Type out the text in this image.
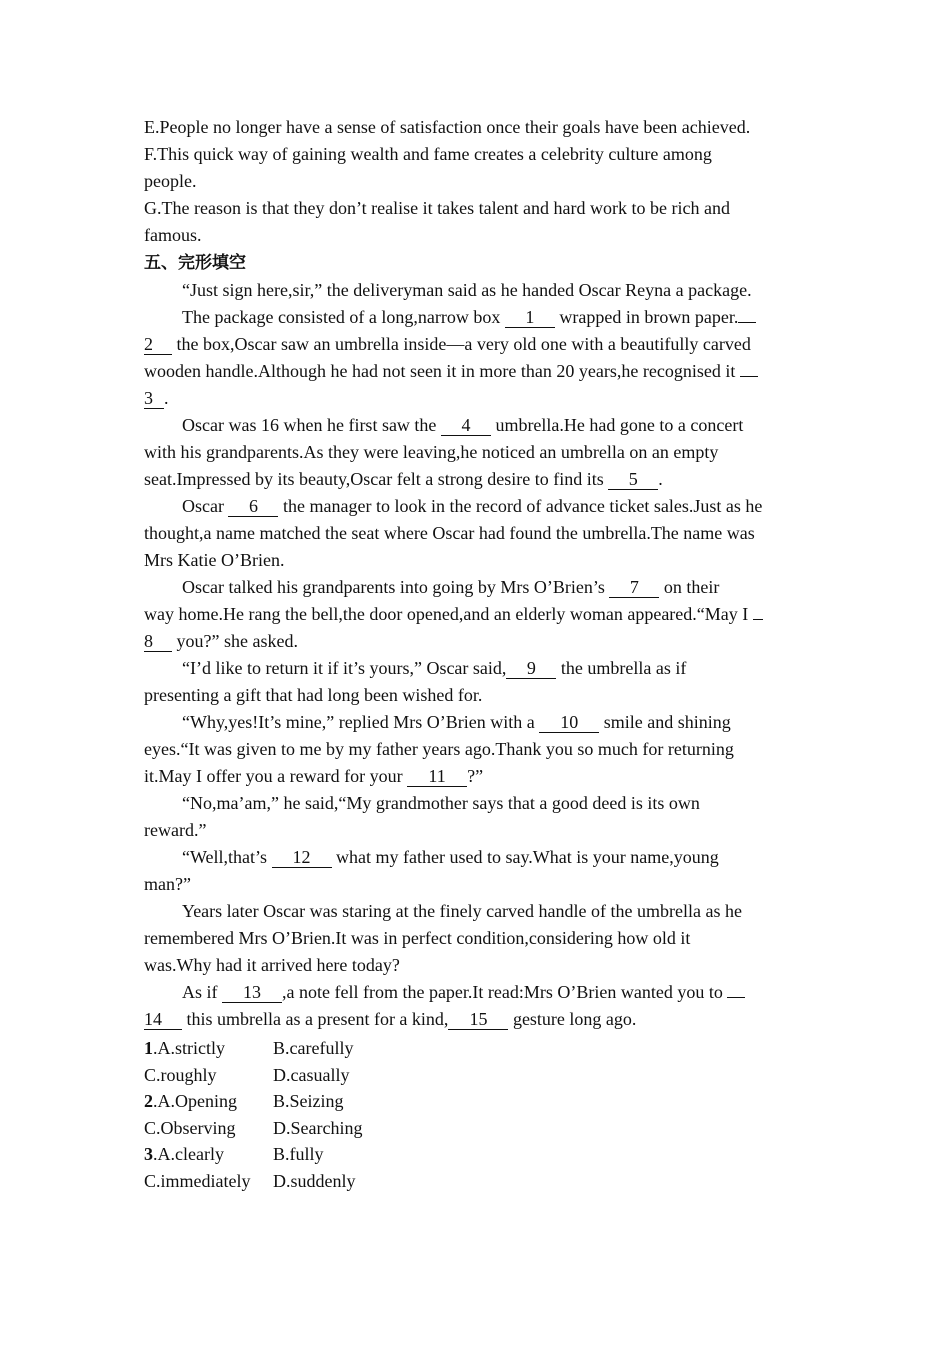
E.People no longer have a sense of satisfaction once their goals have been achieved.

F.This quick way of gaining wealth and fame creates a celebrity culture among

people.

G.The reason is that they don’t realise it takes talent and hard work to be rich and

famous.

五、完形填空

“Just sign here,sir,” the deliveryman said as he handed Oscar Reyna a package.

The package consisted of a long,narrow box 1 wrapped in brown paper.

2 the box,Oscar saw an umbrella inside—a very old one with a beautifully carved

wooden handle.Although he had not seen it in more than 20 years,he recognised it

3 .

Oscar was 16 when he first saw the 4 umbrella.He had gone to a concert

with his grandparents.As they were leaving,he noticed an umbrella on an empty

seat.Impressed by its beauty,Oscar felt a strong desire to find its 5 .

Oscar 6 the manager to look in the record of advance ticket sales.Just as he

thought,a name matched the seat where Oscar had found the umbrella.The name was

Mrs Katie O’Brien.

Oscar talked his grandparents into going by Mrs O’Brien’s 7 on their

way home.He rang the bell,the door opened,and an elderly woman appeared.“May I

8 you?” she asked.

“I’d like to return it if it’s yours,” Oscar said, 9 the umbrella as if

presenting a gift that had long been wished for.

“Why,yes!It’s mine,” replied Mrs O’Brien with a 10 smile and shining

eyes.“It was given to me by my father years ago.Thank you so much for returning

it.May I offer you a reward for your 11 ?”

“No,ma’am,” he said,“My grandmother says that a good deed is its own

reward.”

“Well,that’s 12 what my father used to say.What is your name,young

man?”

Years later Oscar was staring at the finely carved handle of the umbrella as he

remembered Mrs O’Brien.It was in perfect condition,considering how old it

was.Why had it arrived here today?

As if 13 ,a note fell from the paper.It read:Mrs O’Brien wanted you to

14 this umbrella as a present for a kind, 15 gesture long ago.

1.A.strictly	B.carefully
C.roughly	D.casually
2.A.Opening	B.Seizing
C.Observing	D.Searching
3.A.clearly	B.fully
C.immediately	D.suddenly
